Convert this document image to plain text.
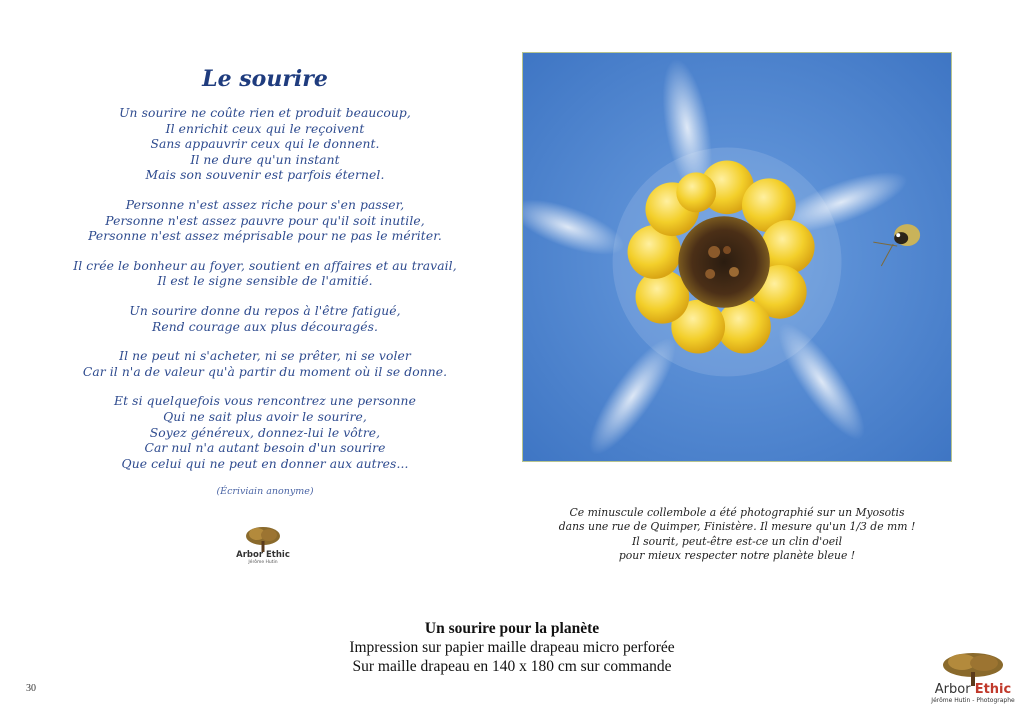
Le sourire
Un sourire ne coûte rien et produit beaucoup,
Il enrichit ceux qui le reçoivent
Sans appauvrir ceux qui le donnent.
Il ne dure qu'un instant
Mais son souvenir est parfois éternel.
Personne n'est assez riche pour s'en passer,
Personne n'est assez pauvre pour qu'il soit inutile,
Personne n'est assez méprisable pour ne pas le mériter.
Il crée le bonheur au foyer, soutient en affaires et au travail,
Il est le signe sensible de l'amitié.
Un sourire donne du repos à l'être fatigué,
Rend courage aux plus découragés.
Il ne peut ni s'acheter, ni se prêter, ni se voler
Car il n'a de valeur qu'à partir du moment où il se donne.
Et si quelquefois vous rencontrez une personne
Qui ne sait plus avoir le sourire,
Soyez généreux, donnez-lui le vôtre,
Car nul n'a autant besoin d'un sourire
Que celui qui ne peut en donner aux autres...
(Écriviain anonyme)
Arbor Ethic
Jérôme Hutin
Ce minuscule collembole a été photographié sur un Myosotis
dans une rue de Quimper, Finistère. Il mesure qu'un 1/3 de mm !
Il sourit, peut-être est-ce un clin d'oeil
pour mieux respecter notre planète bleue !
Un sourire pour la planète
Impression sur papier maille drapeau micro perforée
Sur maille drapeau en 140 x 180 cm sur commande
30	Arbor Ethic
Jérôme Hutin - Photographe
